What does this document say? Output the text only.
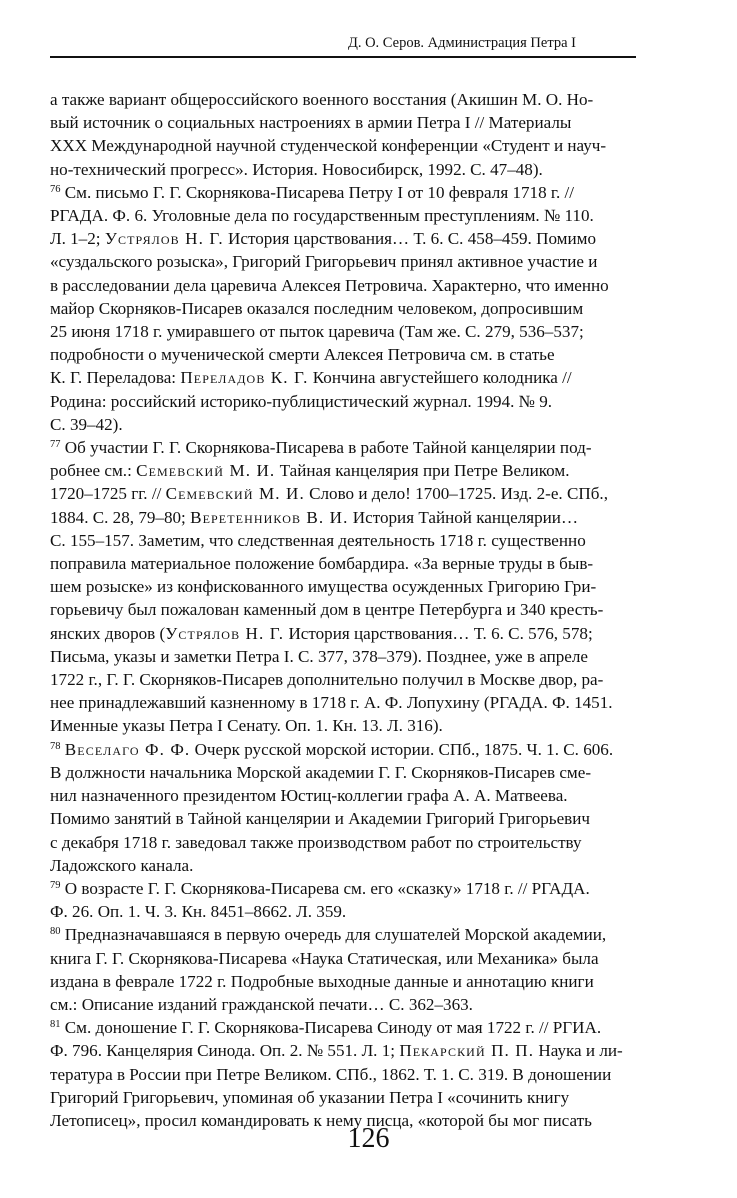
Д. О. Серов. Администрация Петра I
а также вариант общероссийского военного восстания (Акишин М. О. Но-
вый источник о социальных настроениях в армии Петра I // Материалы
XXX Международной научной студенческой конференции «Студент и науч-
но-технический прогресс». История. Новосибирск, 1992. С. 47–48).
$^{76}$ См. письмо Г. Г. Скорнякова-Писарева Петру I от 10 февраля 1718 г. //
РГАДА. Ф. 6. Уголовные дела по государственным преступлениям. № 110.
Л. 1–2; Устрялов Н. Г. История царствования… Т. 6. С. 458–459. Помимо
«суздальского розыска», Григорий Григорьевич принял активное участие и
в расследовании дела царевича Алексея Петровича. Характерно, что именно
майор Скорняков-Писарев оказался последним человеком, допросившим
25 июня 1718 г. умиравшего от пыток царевича (Там же. С. 279, 536–537;
подробности о мученической смерти Алексея Петровича см. в статье
К. Г. Переладова: Переладов К. Г. Кончина августейшего колодника //
Родина: российский историко-публицистический журнал. 1994. № 9.
С. 39–42).
$^{77}$ Об участии Г. Г. Скорнякова-Писарева в работе Тайной канцелярии под-
робнее см.: Семевский М. И. Тайная канцелярия при Петре Великом.
1720–1725 гг. // Семевский М. И. Слово и дело! 1700–1725. Изд. 2-е. СПб.,
1884. С. 28, 79–80; Веретенников В. И. История Тайной канцелярии…
С. 155–157. Заметим, что следственная деятельность 1718 г. существенно
поправила материальное положение бомбардира. «За верные труды в быв-
шем розыске» из конфискованного имущества осужденных Григорию Гри-
горьевичу был пожалован каменный дом в центре Петербурга и 340 кресть-
янских дворов (Устрялов Н. Г. История царствования… Т. 6. С. 576, 578;
Письма, указы и заметки Петра I. С. 377, 378–379). Позднее, уже в апреле
1722 г., Г. Г. Скорняков-Писарев дополнительно получил в Москве двор, ра-
нее принадлежавший казненному в 1718 г. А. Ф. Лопухину (РГАДА. Ф. 1451.
Именные указы Петра I Сенату. Оп. 1. Кн. 13. Л. 316).
$^{78}$ Веселаго Ф. Ф. Очерк русской морской истории. СПб., 1875. Ч. 1. С. 606.
В должности начальника Морской академии Г. Г. Скорняков-Писарев сме-
нил назначенного президентом Юстиц-коллегии графа А. А. Матвеева.
Помимо занятий в Тайной канцелярии и Академии Григорий Григорьевич
с декабря 1718 г. заведовал также производством работ по строительству
Ладожского канала.
$^{79}$ О возрасте Г. Г. Скорнякова-Писарева см. его «сказку» 1718 г. // РГАДА.
Ф. 26. Оп. 1. Ч. 3. Кн. 8451–8662. Л. 359.
$^{80}$ Предназначавшаяся в первую очередь для слушателей Морской академии,
книга Г. Г. Скорнякова-Писарева «Наука Статическая, или Механика» была
издана в феврале 1722 г. Подробные выходные данные и аннотацию книги
см.: Описание изданий гражданской печати… С. 362–363.
$^{81}$ См. доношение Г. Г. Скорнякова-Писарева Синоду от мая 1722 г. // РГИА.
Ф. 796. Канцелярия Синода. Оп. 2. № 551. Л. 1; Пекарский П. П. Наука и ли-
тература в России при Петре Великом. СПб., 1862. Т. 1. С. 319. В доношении
Григорий Григорьевич, упоминая об указании Петра I «сочинить книгу
Летописец», просил командировать к нему писца, «которой бы мог писать
126
